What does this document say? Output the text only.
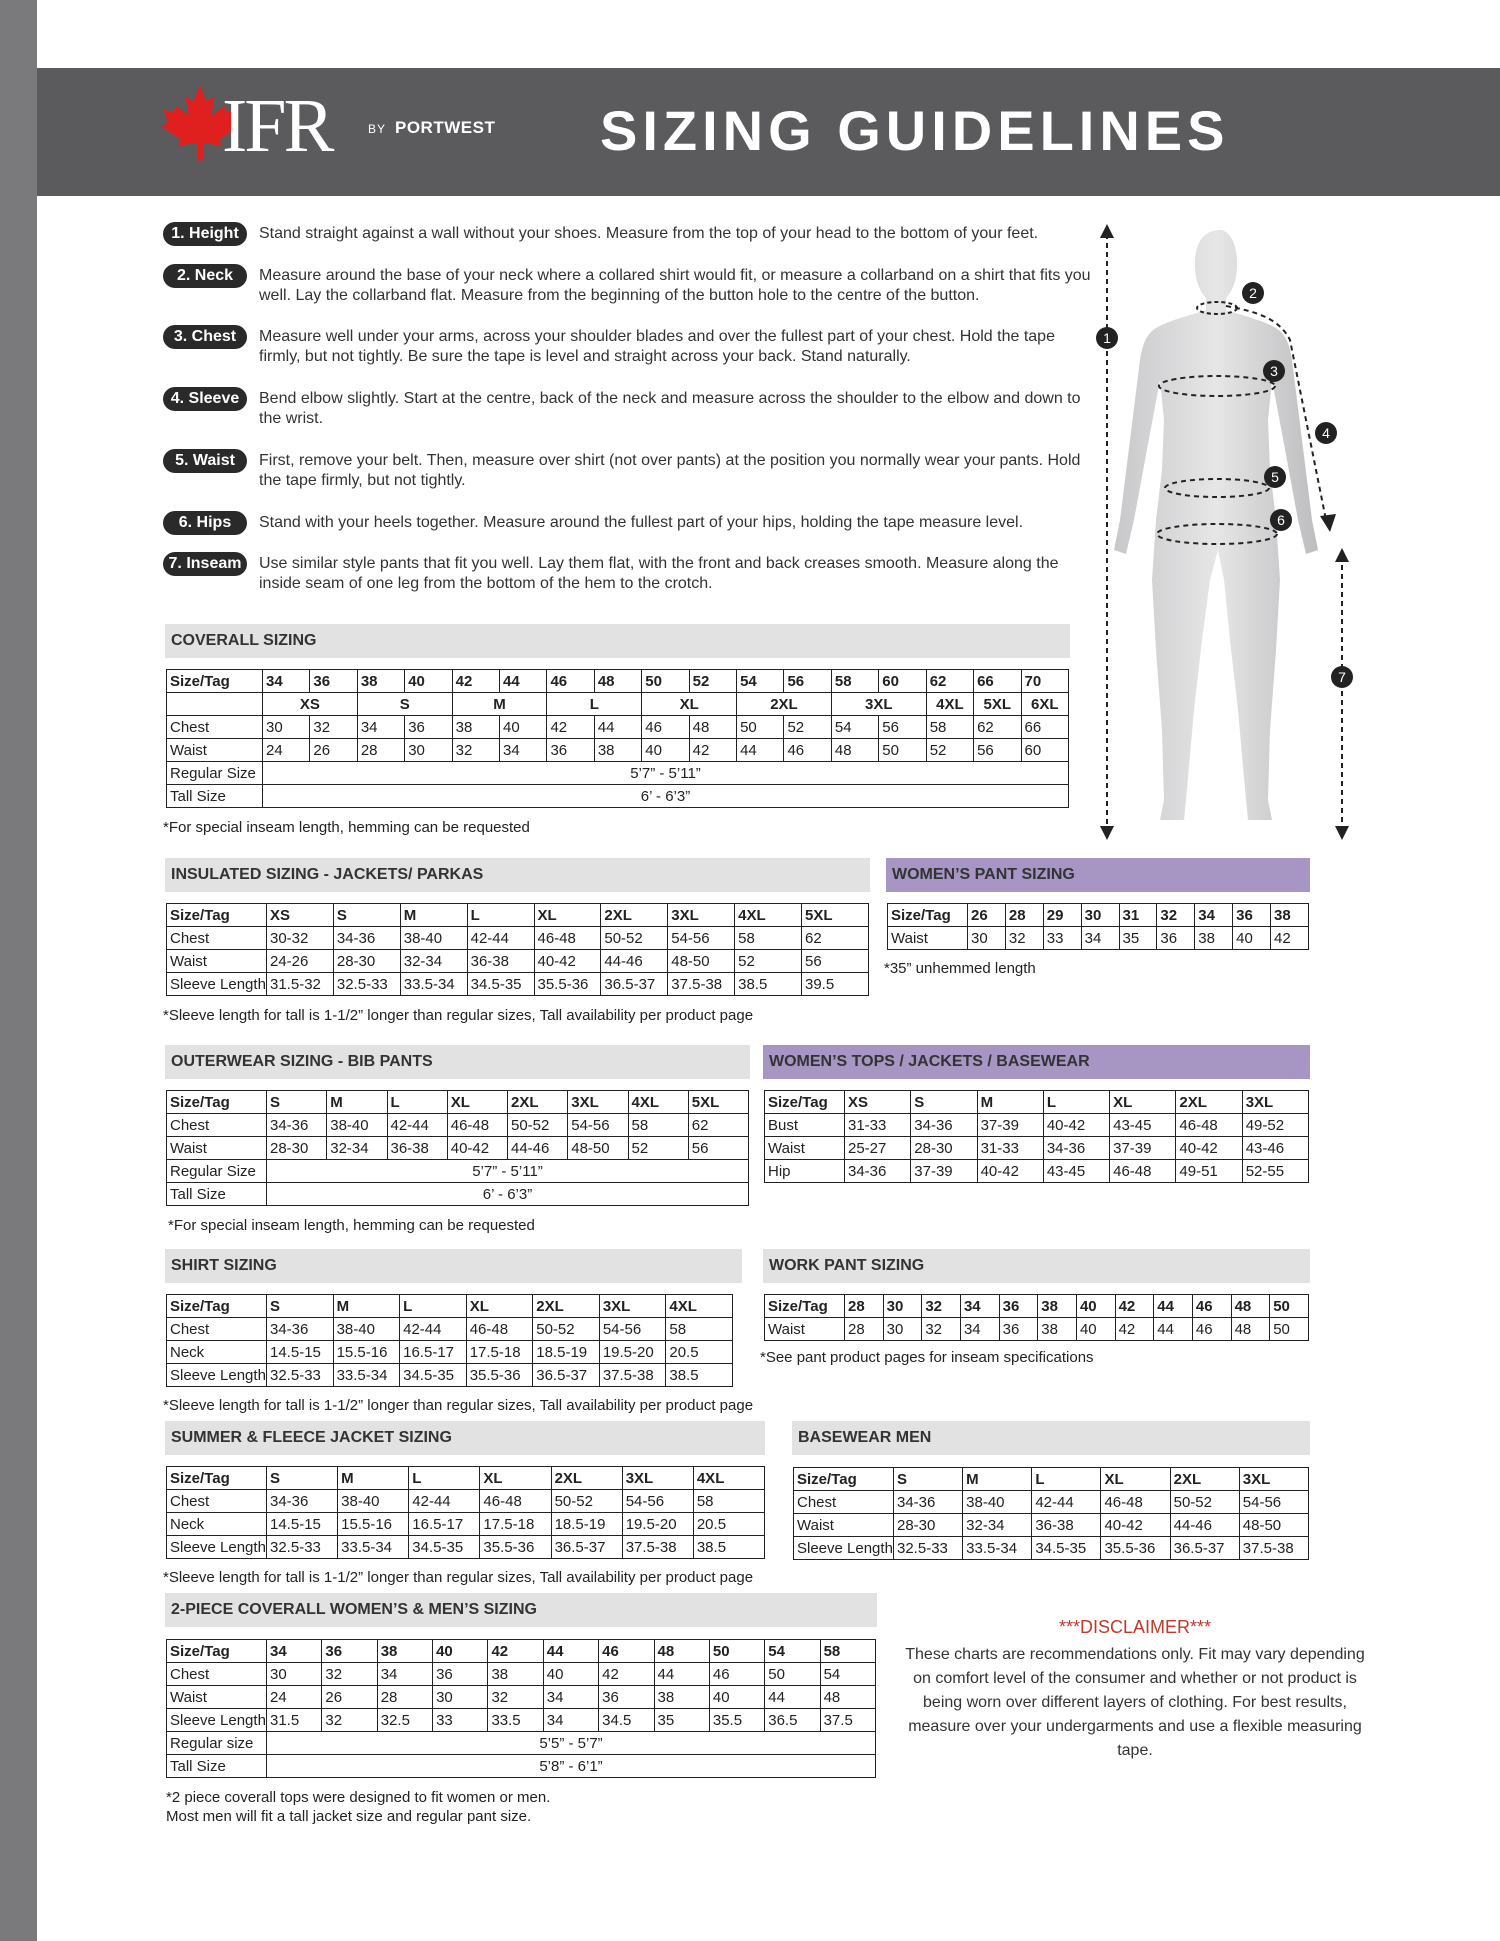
IFR	BY PORTWEST SIZING GUIDELINES
1. Height	Stand straight against a wall without your shoes. Measure from the top of your head to the bottom of your feet.
2. Neck	Measure around the base of your neck where a collared shirt would fit, or measure a collarband on a shirt that fits you well. Lay the collarband flat. Measure from the beginning of the button hole to the centre of the button.
3. Chest	Measure well under your arms, across your shoulder blades and over the fullest part of your chest. Hold the tape firmly, but not tightly. Be sure the tape is level and straight across your back. Stand naturally.
4. Sleeve	Bend elbow slightly. Start at the centre, back of the neck and measure across the shoulder to the elbow and down to the wrist.
5. Waist	First, remove your belt. Then, measure over shirt (not over pants) at the position you normally wear your pants. Hold the tape firmly, but not tightly.
6. Hips	Stand with your heels together. Measure around the fullest part of your hips, holding the tape measure level.
7. Inseam	Use similar style pants that fit you well. Lay them flat, with the front and back creases smooth. Measure along the inside seam of one leg from the bottom of the hem to the crotch.
1
2
3
4
5
6
7
COVERALL SIZING
Size/Tag	34	36	38	40	42	44	46	48	50	52	54	56	58	60	62	66	70
	XS		S		M		L		XL		2XL		3XL		4XL	5XL	6XL
Chest	30	32	34	36	38	40	42	44	46	48	50	52	54	56	58	62	66
Waist	24	26	28	30	32	34	36	38	40	42	44	46	48	50	52	56	60
Regular Size	5’7” - 5’11”																
Tall Size	6’ - 6’3”																
*For special inseam length, hemming can be requested
INSULATED SIZING - JACKETS/ PARKAS
Size/Tag	XS	S	M	L	XL	2XL	3XL	4XL	5XL
Chest	30-32	34-36	38-40	42-44	46-48	50-52	54-56	58	62
Waist	24-26	28-30	32-34	36-38	40-42	44-46	48-50	52	56
Sleeve Length	31.5-32	32.5-33	33.5-34	34.5-35	35.5-36	36.5-37	37.5-38	38.5	39.5
*Sleeve length for tall is 1-1/2” longer than regular sizes, Tall availability per product page
WOMEN’S PANT SIZING
Size/Tag	26	28	29	30	31	32	34	36	38
Waist	30	32	33	34	35	36	38	40	42
*35” unhemmed length
OUTERWEAR SIZING - BIB PANTS
Size/Tag	S	M	L	XL	2XL	3XL	4XL	5XL
Chest	34-36	38-40	42-44	46-48	50-52	54-56	58	62
Waist	28-30	32-34	36-38	40-42	44-46	48-50	52	56
Regular Size	5’7” - 5’11”							
Tall Size	6’ - 6’3”							
*For special inseam length, hemming can be requested
WOMEN’S TOPS / JACKETS / BASEWEAR
Size/Tag	XS	S	M	L	XL	2XL	3XL
Bust	31-33	34-36	37-39	40-42	43-45	46-48	49-52
Waist	25-27	28-30	31-33	34-36	37-39	40-42	43-46
Hip	34-36	37-39	40-42	43-45	46-48	49-51	52-55
SHIRT SIZING
Size/Tag	S	M	L	XL	2XL	3XL	4XL
Chest	34-36	38-40	42-44	46-48	50-52	54-56	58
Neck	14.5-15	15.5-16	16.5-17	17.5-18	18.5-19	19.5-20	20.5
Sleeve Length	32.5-33	33.5-34	34.5-35	35.5-36	36.5-37	37.5-38	38.5
*Sleeve length for tall is 1-1/2” longer than regular sizes, Tall availability per product page
WORK PANT SIZING
Size/Tag	28	30	32	34	36	38	40	42	44	46	48	50
Waist	28	30	32	34	36	38	40	42	44	46	48	50
*See pant product pages for inseam specifications
SUMMER & FLEECE JACKET SIZING
Size/Tag	S	M	L	XL	2XL	3XL	4XL
Chest	34-36	38-40	42-44	46-48	50-52	54-56	58
Neck	14.5-15	15.5-16	16.5-17	17.5-18	18.5-19	19.5-20	20.5
Sleeve Length	32.5-33	33.5-34	34.5-35	35.5-36	36.5-37	37.5-38	38.5
*Sleeve length for tall is 1-1/2” longer than regular sizes, Tall availability per product page
BASEWEAR MEN
Size/Tag	S	M	L	XL	2XL	3XL
Chest	34-36	38-40	42-44	46-48	50-52	54-56
Waist	28-30	32-34	36-38	40-42	44-46	48-50
Sleeve Length	32.5-33	33.5-34	34.5-35	35.5-36	36.5-37	37.5-38
2-PIECE COVERALL WOMEN’S & MEN’S SIZING
Size/Tag	34	36	38	40	42	44	46	48	50	54	58
Chest	30	32	34	36	38	40	42	44	46	50	54
Waist	24	26	28	30	32	34	36	38	40	44	48
Sleeve Length	31.5	32	32.5	33	33.5	34	34.5	35	35.5	36.5	37.5
Regular size	5’5” - 5’7”										
Tall Size	5’8” - 6’1”										
*2 piece coverall tops were designed to fit women or men.
Most men will fit a tall jacket size and regular pant size.
***DISCLAIMER***
These charts are recommendations only. Fit may vary depending on comfort level of the consumer and whether or not product is being worn over different layers of clothing. For best results, measure over your undergarments and use a flexible measuring tape.
